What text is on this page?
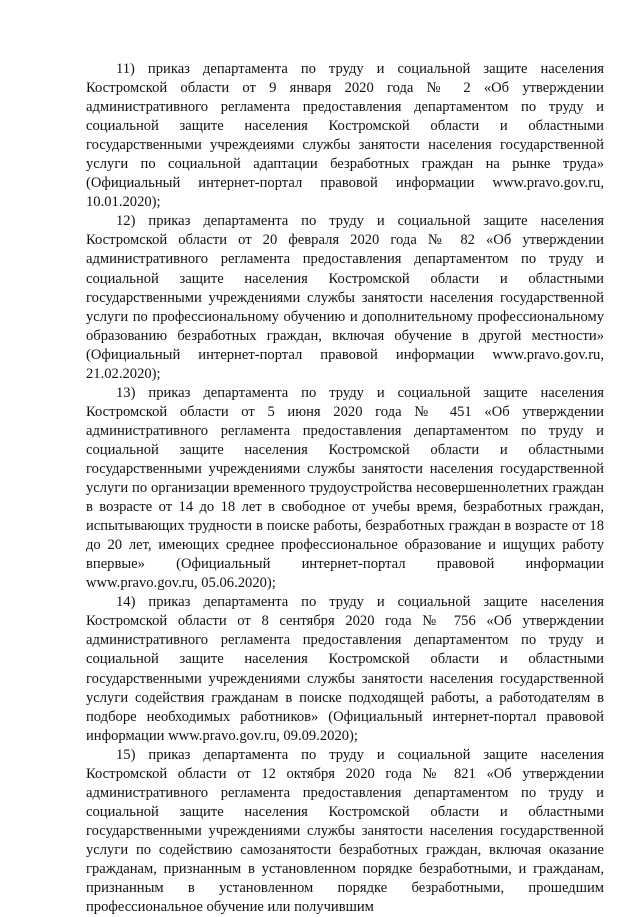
11) приказ департамента по труду и социальной защите населения Костромской области от 9 января 2020 года № 2 «Об утверждении административного регламента предоставления департаментом по труду и социальной защите населения Костромской области и областными государственными учреждеиями службы занятости населения государственной услуги по социальной адаптации безработных граждан на рынке труда» (Официальный интернет-портал правовой информации www.pravo.gov.ru, 10.01.2020);

12) приказ департамента по труду и социальной защите населения Костромской области от 20 февраля 2020 года № 82 «Об утверждении административного регламента предоставления департаментом по труду и социальной защите населения Костромской области и областными государственными учреждениями службы занятости населения государственной услуги по профессиональному обучению и дополнительному профессиональному образованию безработных граждан, включая обучение в другой местности» (Официальный интернет-портал правовой информации www.pravo.gov.ru, 21.02.2020);

13) приказ департамента по труду и социальной защите населения Костромской области от 5 июня 2020 года № 451 «Об утверждении административного регламента предоставления департаментом по труду и социальной защите населения Костромской области и областными государственными учреждениями службы занятости населения государственной услуги по организации временного трудоустройства несовершеннолетних граждан в возрасте от 14 до 18 лет в свободное от учебы время, безработных граждан, испытывающих трудности в поиске работы, безработных граждан в возрасте от 18 до 20 лет, имеющих среднее профессиональное образование и ищущих работу впервые» (Официальный интернет-портал правовой информации www.pravo.gov.ru, 05.06.2020);

14) приказ департамента по труду и социальной защите населения Костромской области от 8 сентября 2020 года № 756 «Об утверждении административного регламента предоставления департаментом по труду и социальной защите населения Костромской области и областными государственными учреждениями службы занятости населения государственной услуги содействия гражданам в поиске подходящей работы, а работодателям в подборе необходимых работников» (Официальный интернет-портал правовой информации www.pravo.gov.ru, 09.09.2020);

15) приказ департамента по труду и социальной защите населения Костромской области от 12 октября 2020 года № 821 «Об утверждении административного регламента предоставления департаментом по труду и социальной защите населения Костромской области и областными государственными учреждениями службы занятости населения государственной услуги по содействию самозанятости безработных граждан, включая оказание гражданам, признанным в установленном порядке безработными, и гражданам, признанным в установленном порядке безработными, прошедшим профессиональное обучение или получившим
